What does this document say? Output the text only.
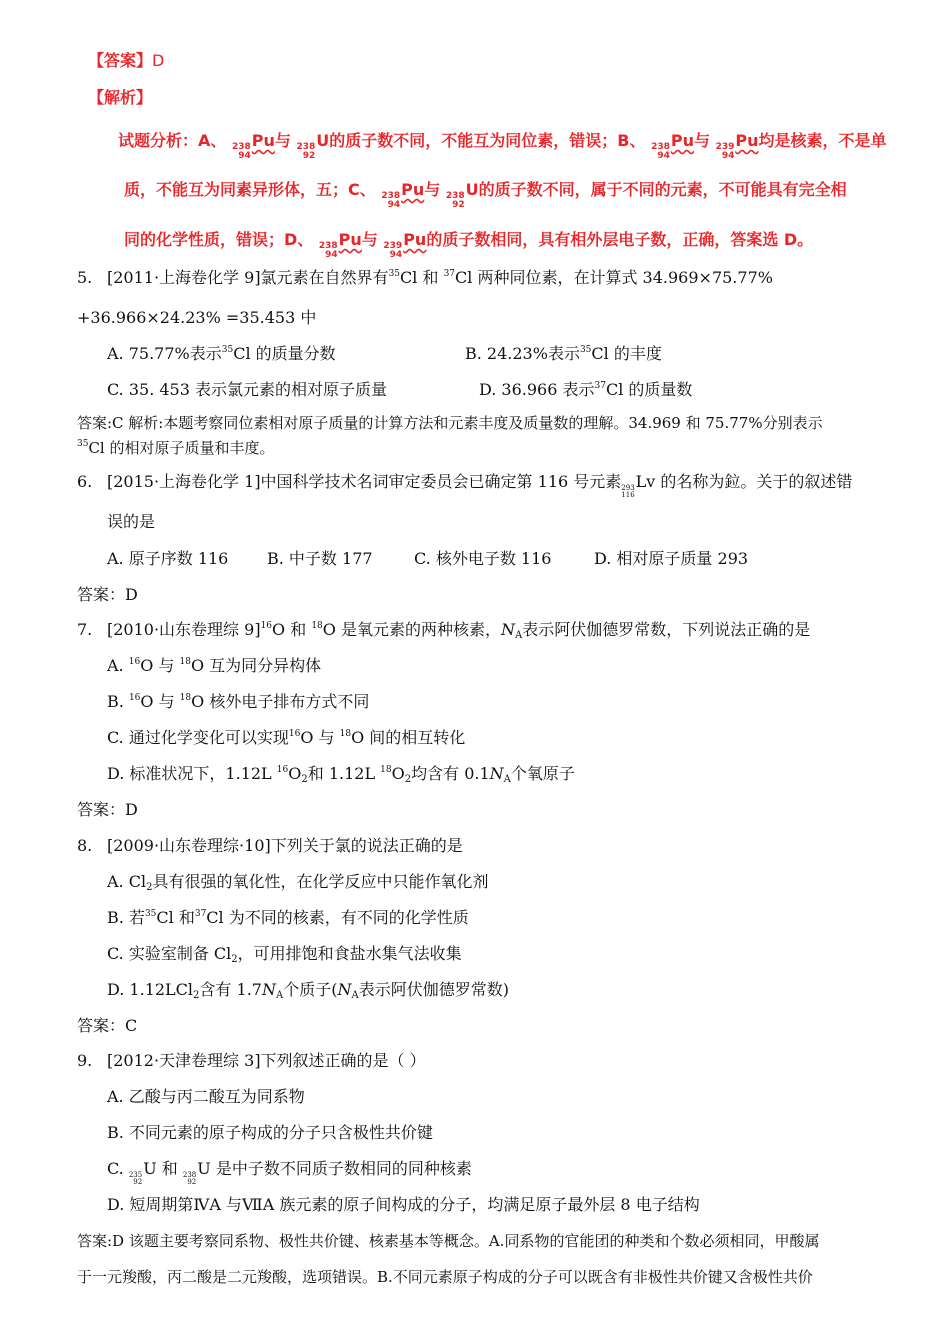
【答案】D
【解析】
试题分析：A、 238
94
Pu与 238
92
U的质子数不同，不能互为同位素，错误；B、 238
94
Pu与 239
94
Pu均是核素，不是单
质，不能互为同素异形体，五；C、 238
94
Pu与 238
92
U的质子数不同，属于不同的元素，不可能具有完全相
同的化学性质，错误；D、 238
94
Pu与 239
94
Pu的质子数相同，具有相外层电子数，正确，答案选 D。
5. [2011·上海卷化学 9]氯元素在自然界有$^{35}$Cl 和 $^{37}$Cl 两种同位素，在计算式 34.969×75.77%
+36.966×24.23% =35.453 中
A. 75.77%表示$^{35}$Cl 的质量分数	B. 24.23%表示$^{35}$Cl 的丰度
C. 35. 453 表示氯元素的相对原子质量	D. 36.966 表示$^{37}$Cl 的质量数
答案:C 解析:本题考察同位素相对原子质量的计算方法和元素丰度及质量数的理解。34.969 和 75.77%分别表示
$^{35}$Cl 的相对原子质量和丰度。
6. [2015·上海卷化学 1]中国科学技术名词审定委员会已确定第 116 号元素 293
116
Lv 的名称为鉝。关于的叙述错
误的是
A. 原子序数 116 B. 中子数 177	C. 核外电子数 116	D. 相对原子质量 293
答案：D
7. [2010·山东卷理综 9]$^{16}$O 和 $^{18}$O 是氧元素的两种核素，$N_A$表示阿伏伽德罗常数，下列说法正确的是
A. $^{16}$O 与 $^{18}$O 互为同分异构体
B. $^{16}$O 与 $^{18}$O 核外电子排布方式不同
C. 通过化学变化可以实现$^{16}$O 与 $^{18}$O 间的相互转化
D. 标准状况下，1.12L $^{16}O_2$和 1.12L $^{18}O_2$均含有 $0.1N_A$个氧原子
答案：D
8. [2009·山东卷理综·10]下列关于氯的说法正确的是
A. $Cl_2$具有很强的氧化性，在化学反应中只能作氧化剂
B. 若$^{35}$Cl 和$^{37}$Cl 为不同的核素，有不同的化学性质
C. 实验室制备 $Cl_2$，可用排饱和食盐水集气法收集
D. 1.12LCl$_2$含有 $1.7N_A$个质子($N_A$表示阿伏伽德罗常数)
答案：C
9. [2012·天津卷理综 3]下列叙述正确的是（ ）
A. 乙酸与丙二酸互为同系物
B. 不同元素的原子构成的分子只含极性共价键
C. 235
92
U 和 238
92
U 是中子数不同质子数相同的同种核素
D. 短周期第ⅣA 与ⅦA 族元素的原子间构成的分子，均满足原子最外层 8 电子结构
答案:D 该题主要考察同系物、极性共价键、核素基本等概念。A.同系物的官能团的种类和个数必须相同，甲酸属
于一元羧酸，丙二酸是二元羧酸，选项错误。B.不同元素原子构成的分子可以既含有非极性共价键又含极性共价
